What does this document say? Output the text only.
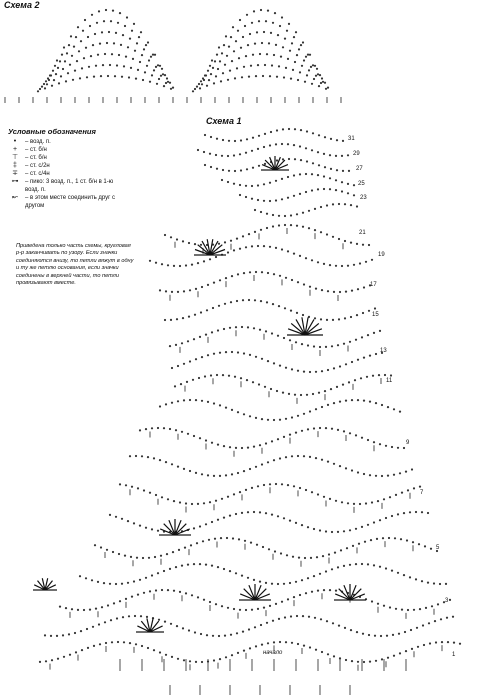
Схема 2
Схема 1
Условные обозначения
•	– возд. п.
+	– ст. б/н
⊤	– ст. б/н
‡	– ст. с/2н
∓	– ст. с/4н
⊶	– пико: 3 возд. п., 1 ст. б/н в 1-ю возд. п.
↜	– в этом месте соединить друг с другом
Приведена только часть схемы, кругловая р-р заканчивать по узору. Если значки соединяются внизу, то петли вяжут в одну и ту же петлю основания, если значки соединены в верхней части, то петли провязывают вместе.
21
19
17
15
13
11
9
7
5
3
1
31
29
27
25
23
начало
